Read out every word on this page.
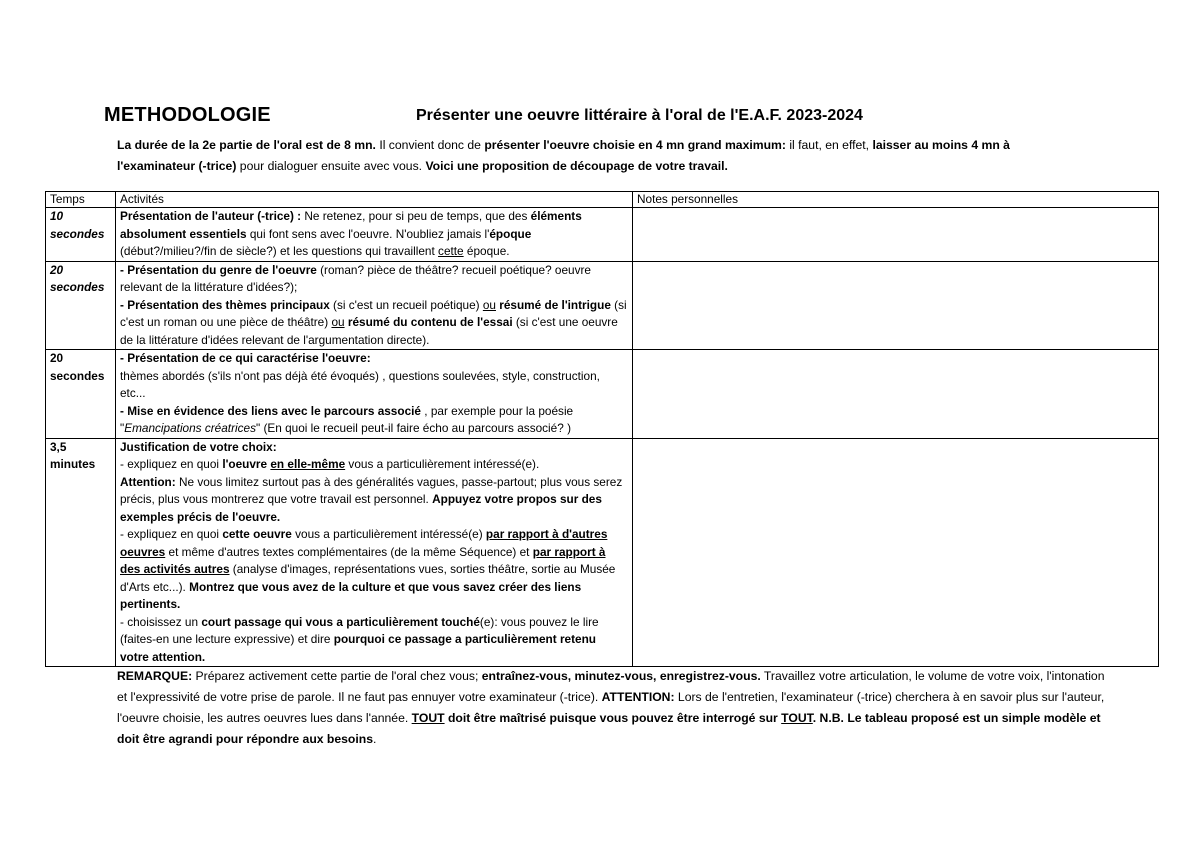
METHODOLOGIE	Présenter une oeuvre littéraire à l'oral de l'E.A.F. 2023-2024
La durée de la 2e partie de l'oral est de 8 mn. Il convient donc de présenter l'oeuvre choisie en 4 mn grand maximum: il faut, en effet, laisser au moins 4 mn à l'examinateur (-trice) pour dialoguer ensuite avec vous. Voici une proposition de découpage de votre travail.
Temps	Activités	Notes personnelles

10
secondes	Présentation de l'auteur (-trice) : Ne retenez, pour si peu de temps, que des éléments absolument essentiels qui font sens avec l'oeuvre. N'oubliez jamais l'époque (début?/milieu?/fin de siècle?) et les questions qui travaillent cette époque.	

20
secondes	- Présentation du genre de l'oeuvre (roman? pièce de théâtre? recueil poétique? oeuvre relevant de la littérature d'idées?);
- Présentation des thèmes principaux (si c'est un recueil poétique) ou résumé de l'intrigue (si c'est un roman ou une pièce de théâtre) ou résumé du contenu de l'essai (si c'est une oeuvre de la littérature d'idées relevant de l'argumentation directe).	

20
secondes	- Présentation de ce qui caractérise l'oeuvre:
thèmes abordés (s'ils n'ont pas déjà été évoqués) , questions soulevées, style, construction, etc...
- Mise en évidence des liens avec le parcours associé , par exemple pour la poésie "Emancipations créatrices" (En quoi le recueil peut-il faire écho au parcours associé? )	

3,5
minutes	Justification de votre choix:
- expliquez en quoi l'oeuvre en elle-même vous a particulièrement intéressé(e).
Attention: Ne vous limitez surtout pas à des généralités vagues, passe-partout; plus vous serez précis, plus vous montrerez que votre travail est personnel. Appuyez votre propos sur des exemples précis de l'oeuvre.
- expliquez en quoi cette oeuvre vous a particulièrement intéressé(e) par rapport à d'autres oeuvres et même d'autres textes complémentaires (de la même Séquence) et par rapport à des activités autres (analyse d'images, représentations vues, sorties théâtre, sortie au Musée d'Arts etc...). Montrez que vous avez de la culture et que vous savez créer des liens pertinents.
- choisissez un court passage qui vous a particulièrement touché(e): vous pouvez le lire (faites-en une lecture expressive) et dire pourquoi ce passage a particulièrement retenu votre attention.	
REMARQUE: Préparez activement cette partie de l'oral chez vous; entraînez-vous, minutez-vous, enregistrez-vous. Travaillez votre articulation, le volume de votre voix, l'intonation et l'expressivité de votre prise de parole. Il ne faut pas ennuyer votre examinateur (-trice). ATTENTION: Lors de l'entretien, l'examinateur (-trice) cherchera à en savoir plus sur l'auteur, l'oeuvre choisie, les autres oeuvres lues dans l'année. TOUT doit être maîtrisé puisque vous pouvez être interrogé sur TOUT. N.B. Le tableau proposé est un simple modèle et doit être agrandi pour répondre aux besoins.
